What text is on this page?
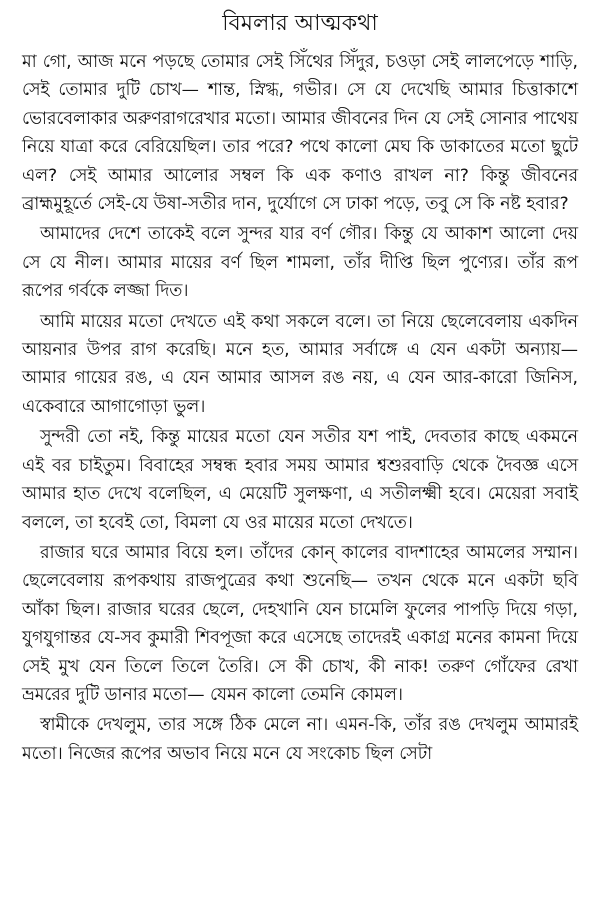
বিমলার আত্মকথা

মা গো, আজ মনে পড়ছে তোমার সেই সিঁথের সিঁদুর, চওড়া সেই লালপেড়ে শাড়ি, সেই তোমার দুটি চোখ— শান্ত, স্নিগ্ধ, গভীর। সে যে দেখেছি আমার চিত্তাকাশে ভোরবেলাকার অরুণরাগরেখার মতো। আমার জীবনের দিন যে সেই সোনার পাথেয় নিয়ে যাত্রা করে বেরিয়েছিল। তার পরে? পথে কালো মেঘ কি ডাকাতের মতো ছুটে এল? সেই আমার আলোর সম্বল কি এক কণাও রাখল না? কিন্তু জীবনের ব্রাহ্মমুহূর্তে সেই-যে উষা-সতীর দান, দুর্যোগে সে ঢাকা পড়ে, তবু সে কি নষ্ট হবার?

আমাদের দেশে তাকেই বলে সুন্দর যার বর্ণ গৌর। কিন্তু যে আকাশ আলো দেয় সে যে নীল। আমার মায়ের বর্ণ ছিল শামলা, তাঁর দীপ্তি ছিল পুণ্যের। তাঁর রূপ রূপের গর্বকে লজ্জা দিত।

আমি মায়ের মতো দেখতে এই কথা সকলে বলে। তা নিয়ে ছেলেবেলায় একদিন আয়নার উপর রাগ করেছি। মনে হত, আমার সর্বাঙ্গে এ যেন একটা অন্যায়— আমার গায়ের রঙ, এ যেন আমার আসল রঙ নয়, এ যেন আর-কারো জিনিস, একেবারে আগাগোড়া ভুল।

সুন্দরী তো নই, কিন্তু মায়ের মতো যেন সতীর যশ পাই, দেবতার কাছে একমনে এই বর চাইতুম। বিবাহের সম্বন্ধ হবার সময় আমার শ্বশুরবাড়ি থেকে দৈবজ্ঞ এসে আমার হাত দেখে বলেছিল, এ মেয়েটি সুলক্ষণা, এ সতীলক্ষ্মী হবে। মেয়েরা সবাই বললে, তা হবেই তো, বিমলা যে ওর মায়ের মতো দেখতে।

রাজার ঘরে আমার বিয়ে হল। তাঁদের কোন্‌ কালের বাদশাহের আমলের সম্মান। ছেলেবেলায় রূপকথায় রাজপুত্রের কথা শুনেছি— তখন থেকে মনে একটা ছবি আঁকা ছিল। রাজার ঘরের ছেলে, দেহখানি যেন চামেলি ফুলের পাপড়ি দিয়ে গড়া, যুগযুগান্তর যে-সব কুমারী শিবপূজা করে এসেছে তাদেরই একাগ্র মনের কামনা দিয়ে সেই মুখ যেন তিলে তিলে তৈরি। সে কী চোখ, কী নাক! তরুণ গোঁফের রেখা ভ্রমরের দুটি ডানার মতো— যেমন কালো তেমনি কোমল।

স্বামীকে দেখলুম, তার সঙ্গে ঠিক মেলে না। এমন-কি, তাঁর রঙ দেখলুম আমারই মতো। নিজের রূপের অভাব নিয়ে মনে যে সংকোচ ছিল সেটা
